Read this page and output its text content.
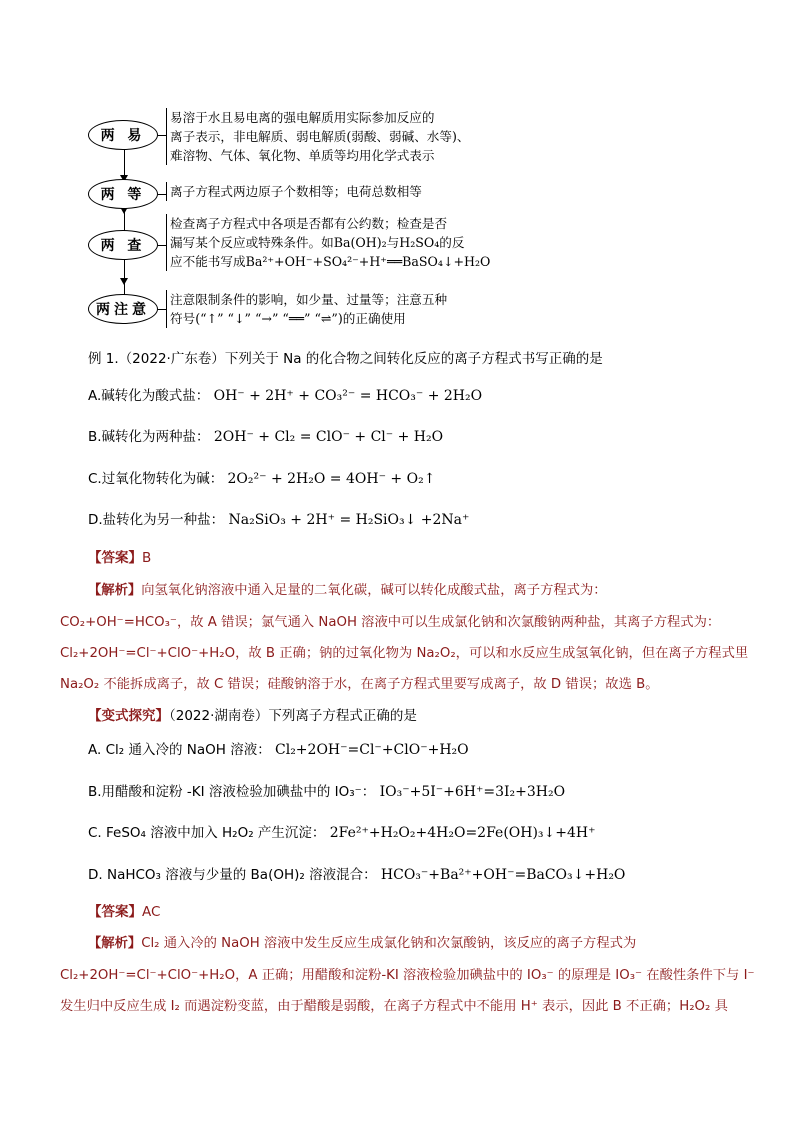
两 易
易溶于水且易电离的强电解质用实际参加反应的
离子表示，非电解质、弱电解质(弱酸、弱碱、水等)、
难溶物、气体、氧化物、单质等均用化学式表示
两 等	离子方程式两边原子个数相等；电荷总数相等
两 查
检查离子方程式中各项是否都有公约数；检查是否
漏写某个反应或特殊条件。如Ba(OH)₂与H₂SO₄的反
应不能书写成Ba²⁺+OH⁻+SO₄²⁻+H⁺══BaSO₄↓+H₂O
两注意
注意限制条件的影响，如少量、过量等；注意五种
符号(“↑” “↓” “→” “══” “⇌”)的正确使用
例 1.（2022·广东卷）下列关于 Na 的化合物之间转化反应的离子方程式书写正确的是
A.碱转化为酸式盐： OH⁻ + 2H⁺ + CO₃²⁻ = HCO₃⁻ + 2H₂O
B.碱转化为两种盐： 2OH⁻ + Cl₂ = ClO⁻ + Cl⁻ + H₂O
C.过氧化物转化为碱： 2O₂²⁻ + 2H₂O = 4OH⁻ + O₂↑
D.盐转化为另一种盐： Na₂SiO₃ + 2H⁺ = H₂SiO₃↓ +2Na⁺
【答案】B
【解析】向氢氧化钠溶液中通入足量的二氧化碳，碱可以转化成酸式盐，离子方程式为：
CO₂+OH⁻=HCO₃⁻，故 A 错误；氯气通入 NaOH 溶液中可以生成氯化钠和次氯酸钠两种盐，其离子方程式为：
Cl₂+2OH⁻=Cl⁻+ClO⁻+H₂O，故 B 正确；钠的过氧化物为 Na₂O₂，可以和水反应生成氢氧化钠，但在离子方程式里
Na₂O₂ 不能拆成离子，故 C 错误；硅酸钠溶于水，在离子方程式里要写成离子，故 D 错误；故选 B。
【变式探究】（2022·湖南卷）下列离子方程式正确的是
A. Cl₂ 通入冷的 NaOH 溶液： Cl₂+2OH⁻=Cl⁻+ClO⁻+H₂O
B.用醋酸和淀粉 -KI 溶液检验加碘盐中的 IO₃⁻： IO₃⁻+5I⁻+6H⁺=3I₂+3H₂O
C. FeSO₄ 溶液中加入 H₂O₂ 产生沉淀： 2Fe²⁺+H₂O₂+4H₂O=2Fe(OH)₃↓+4H⁺
D. NaHCO₃ 溶液与少量的 Ba(OH)₂ 溶液混合： HCO₃⁻+Ba²⁺+OH⁻=BaCO₃↓+H₂O
【答案】AC
【解析】Cl₂ 通入冷的 NaOH 溶液中发生反应生成氯化钠和次氯酸钠，该反应的离子方程式为
Cl₂+2OH⁻=Cl⁻+ClO⁻+H₂O，A 正确；用醋酸和淀粉-KI 溶液检验加碘盐中的 IO₃⁻ 的原理是 IO₃⁻ 在酸性条件下与 I⁻
发生归中反应生成 I₂ 而遇淀粉变蓝，由于醋酸是弱酸，在离子方程式中不能用 H⁺ 表示，因此 B 不正确；H₂O₂ 具
